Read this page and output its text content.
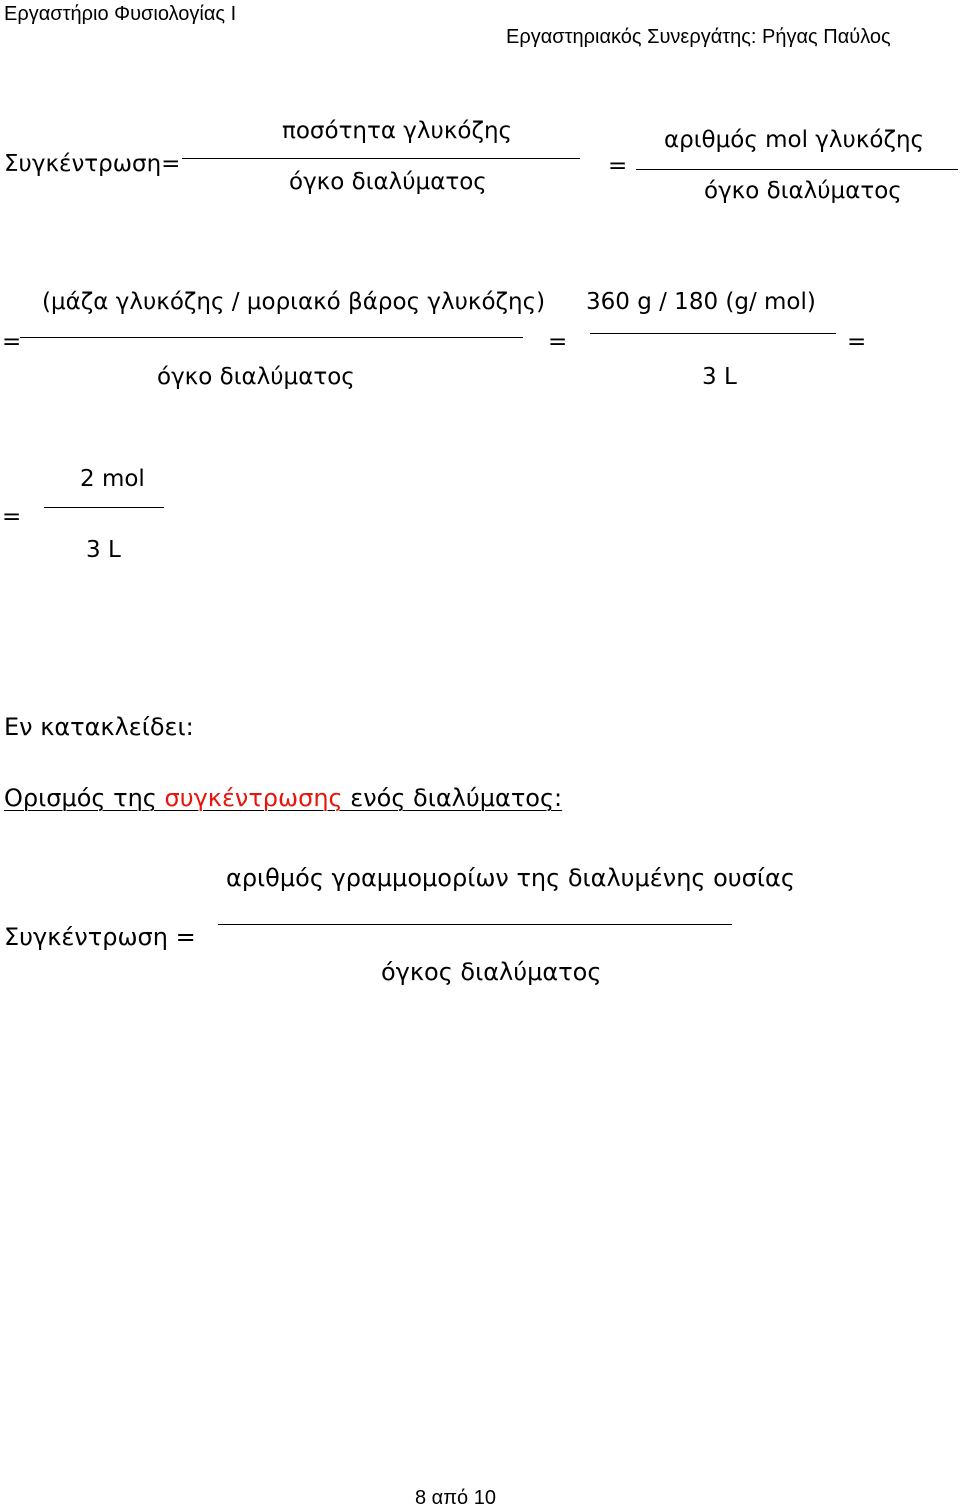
Εργαστήριο Φυσιολογίας Ι
Εργαστηριακός Συνεργάτης: Ρήγας Παύλος
Συγκέντρωση=
ποσότητα γλυκόζης
όγκο διαλύματος
=
αριθμός mol γλυκόζης
όγκο διαλύματος
=
(μάζα γλυκόζης / μοριακό βάρος γλυκόζης)
όγκο διαλύματος
=
360 g / 180 (g/ mol)
3 L
=
=
2 mol
3 L
Εν κατακλείδει:
Ορισμός της συγκέντρωσης ενός διαλύματος:
Συγκέντρωση =
αριθμός γραμμομορίων της διαλυμένης ουσίας
όγκος διαλύματος
8 από 10
